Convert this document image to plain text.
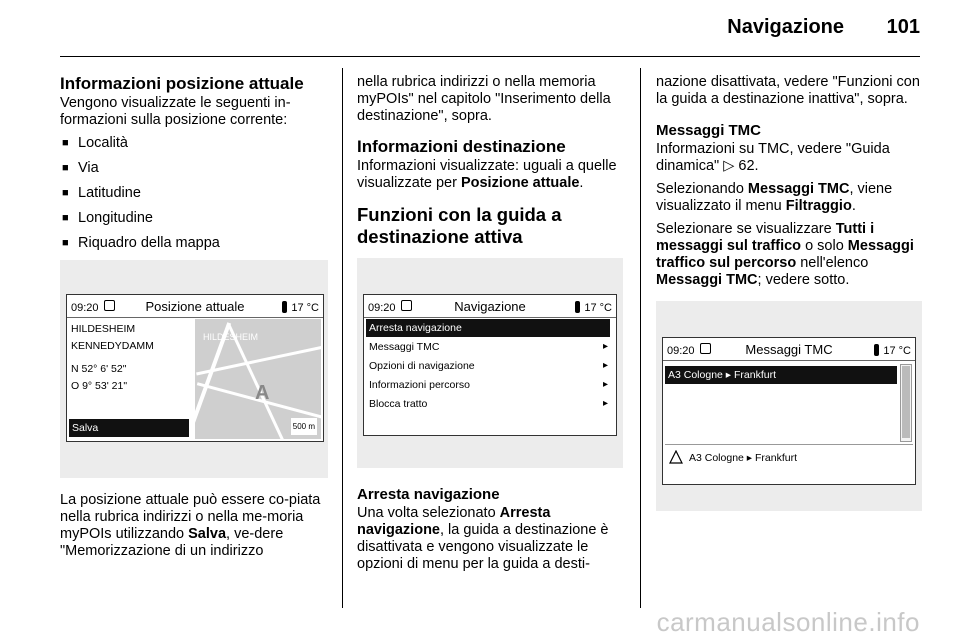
Navigazione 101
Informazioni posizione attuale

Vengono visualizzate le seguenti in-formazioni sulla posizione corrente:

■ Località
■ Via
■ Latitudine
■ Longitudine
■ Riquadro della mappa
09:20	Posizione attuale	17 °C
HILDESHEIM
KENNEDYDAMM
N 52° 6' 52"
O 9° 53' 21"
Salva
HILDESHEIM
A
500 m

La posizione attuale può essere co-piata nella rubrica indirizzi o nella me-moria myPOIs utilizzando Salva, ve-dere "Memorizzazione di un indirizzo

nella rubrica indirizzi o nella memoria myPOIs" nel capitolo "Inserimento della destinazione", sopra.

Informazioni destinazione

Informazioni visualizzate: uguali a quelle visualizzate per Posizione attuale.

Funzioni con la guida a destinazione attiva
09:20	Navigazione	17 °C
Arresta navigazione
Messaggi TMC	▸
Opzioni di navigazione	▸
Informazioni percorso	▸
Blocca tratto	▸
Arresta navigazione

Una volta selezionato Arresta navigazione, la guida a destinazione è disattivata e vengono visualizzate le opzioni di menu per la guida a desti-

nazione disattivata, vedere "Funzioni con la guida a destinazione inattiva", sopra.

Messaggi TMC

Informazioni su TMC, vedere "Guida dinamica" ▷ 62.

Selezionando Messaggi TMC, viene visualizzato il menu Filtraggio.

Selezionare se visualizzare Tutti i messaggi sul traffico o solo Messaggi traffico sul percorso nell'elenco Messaggi TMC; vedere sotto.

09:20	Messaggi TMC	17 °C
A3 Cologne ▸ Frankfurt
A3 Cologne ▸ Frankfurt
carmanualsonline.info
